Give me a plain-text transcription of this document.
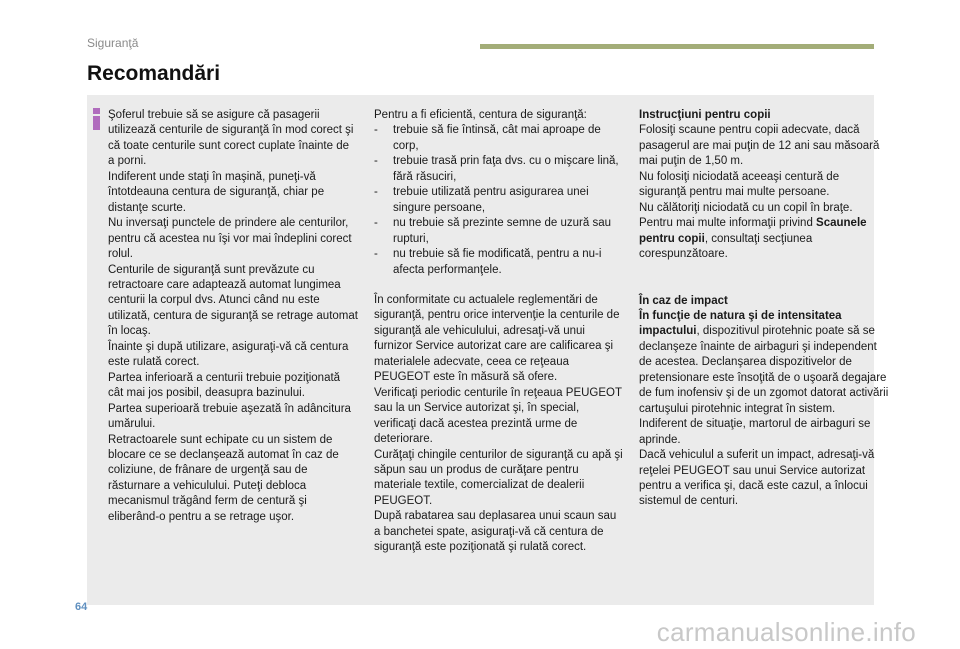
Siguranţă
Recomandări

Şoferul trebuie să se asigure că pasagerii utilizează centurile de siguranţă în mod corect şi că toate centurile sunt corect cuplate înainte de a porni.

Indiferent unde staţi în maşină, puneţi-vă întotdeauna centura de siguranţă, chiar pe distanţe scurte.

Nu inversaţi punctele de prindere ale centurilor, pentru că acestea nu îşi vor mai îndeplini corect rolul.

Centurile de siguranţă sunt prevăzute cu retractoare care adaptează automat lungimea centurii la corpul dvs. Atunci când nu este utilizată, centura de siguranţă se retrage automat în locaş.

Înainte şi după utilizare, asiguraţi-vă că centura este rulată corect.

Partea inferioară a centurii trebuie poziţionată cât mai jos posibil, deasupra bazinului.

Partea superioară trebuie aşezată în adâncitura umărului.

Retractoarele sunt echipate cu un sistem de blocare ce se declanşează automat în caz de coliziune, de frânare de urgenţă sau de răsturnare a vehiculului. Puteţi debloca mecanismul trăgând ferm de centură şi eliberând-o pentru a se retrage uşor.

Pentru a fi eficientă, centura de siguranţă:

- trebuie să fie întinsă, cât mai aproape de corp,
- trebuie trasă prin faţa dvs. cu o mişcare lină, fără răsuciri,
- trebuie utilizată pentru asigurarea unei singure persoane,
- nu trebuie să prezinte semne de uzură sau rupturi,
- nu trebuie să fie modificată, pentru a nu-i afecta performanţele.

În conformitate cu actualele reglementări de siguranţă, pentru orice intervenţie la centurile de siguranţă ale vehiculului, adresaţi-vă unui furnizor Service autorizat care are calificarea şi materialele adecvate, ceea ce reţeaua PEUGEOT este în măsură să ofere.

Verificaţi periodic centurile în reţeaua PEUGEOT sau la un Service autorizat şi, în special, verificaţi dacă acestea prezintă urme de deteriorare.

Curăţaţi chingile centurilor de siguranţă cu apă şi săpun sau un produs de curăţare pentru materiale textile, comercializat de dealerii PEUGEOT.

După rabatarea sau deplasarea unui scaun sau a banchetei spate, asiguraţi-vă că centura de siguranţă este poziţionată şi rulată corect.

Instrucţiuni pentru copii

Folosiţi scaune pentru copii adecvate, dacă pasagerul are mai puţin de 12 ani sau măsoară mai puţin de 1,50 m.

Nu folosiţi niciodată aceeaşi centură de siguranţă pentru mai multe persoane.

Nu călătoriţi niciodată cu un copil în braţe.

Pentru mai multe informaţii privind Scaunele pentru copii, consultaţi secţiunea corespunzătoare.

În caz de impact

În funcţie de natura şi de intensitatea impactului, dispozitivul pirotehnic poate să se declanşeze înainte de airbaguri şi independent de acestea. Declanşarea dispozitivelor de pretensionare este însoţită de o uşoară degajare de fum inofensiv şi de un zgomot datorat activării cartuşului pirotehnic integrat în sistem.

Indiferent de situaţie, martorul de airbaguri se aprinde.

Dacă vehiculul a suferit un impact, adresaţi-vă reţelei PEUGEOT sau unui Service autorizat pentru a verifica şi, dacă este cazul, a înlocui sistemul de centuri.

64
carmanualsonline.info
